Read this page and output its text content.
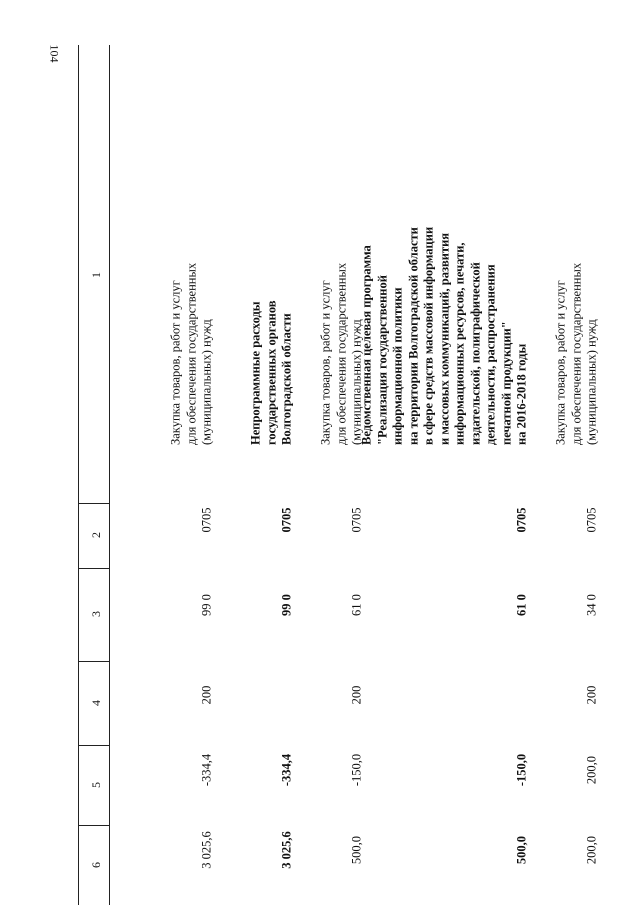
104
1
2
3
4
5
6
Закупка товаров, работ и услуг для обеспечения государственных (муниципальных) нужд
0705
34 0
200
200,0
200,0
Ведомственная целевая программа "Реализация государственной информационной политики на территории Волгоградской области в сфере средств массовой информации и массовых коммуникаций, развития информационных ресурсов, печати, издательской, полиграфической деятельности, распространения печатной продукции" на 2016-2018 годы
0705
61 0
-150,0
500,0
Закупка товаров, работ и услуг для обеспечения государственных (муниципальных) нужд
0705
61 0
200
-150,0
500,0
Непрограммные расходы государственных органов Волгоградской области
0705
99 0
-334,4
3 025,6
Закупка товаров, работ и услуг для обеспечения государственных (муниципальных) нужд
0705
99 0
200
-334,4
3 025,6
